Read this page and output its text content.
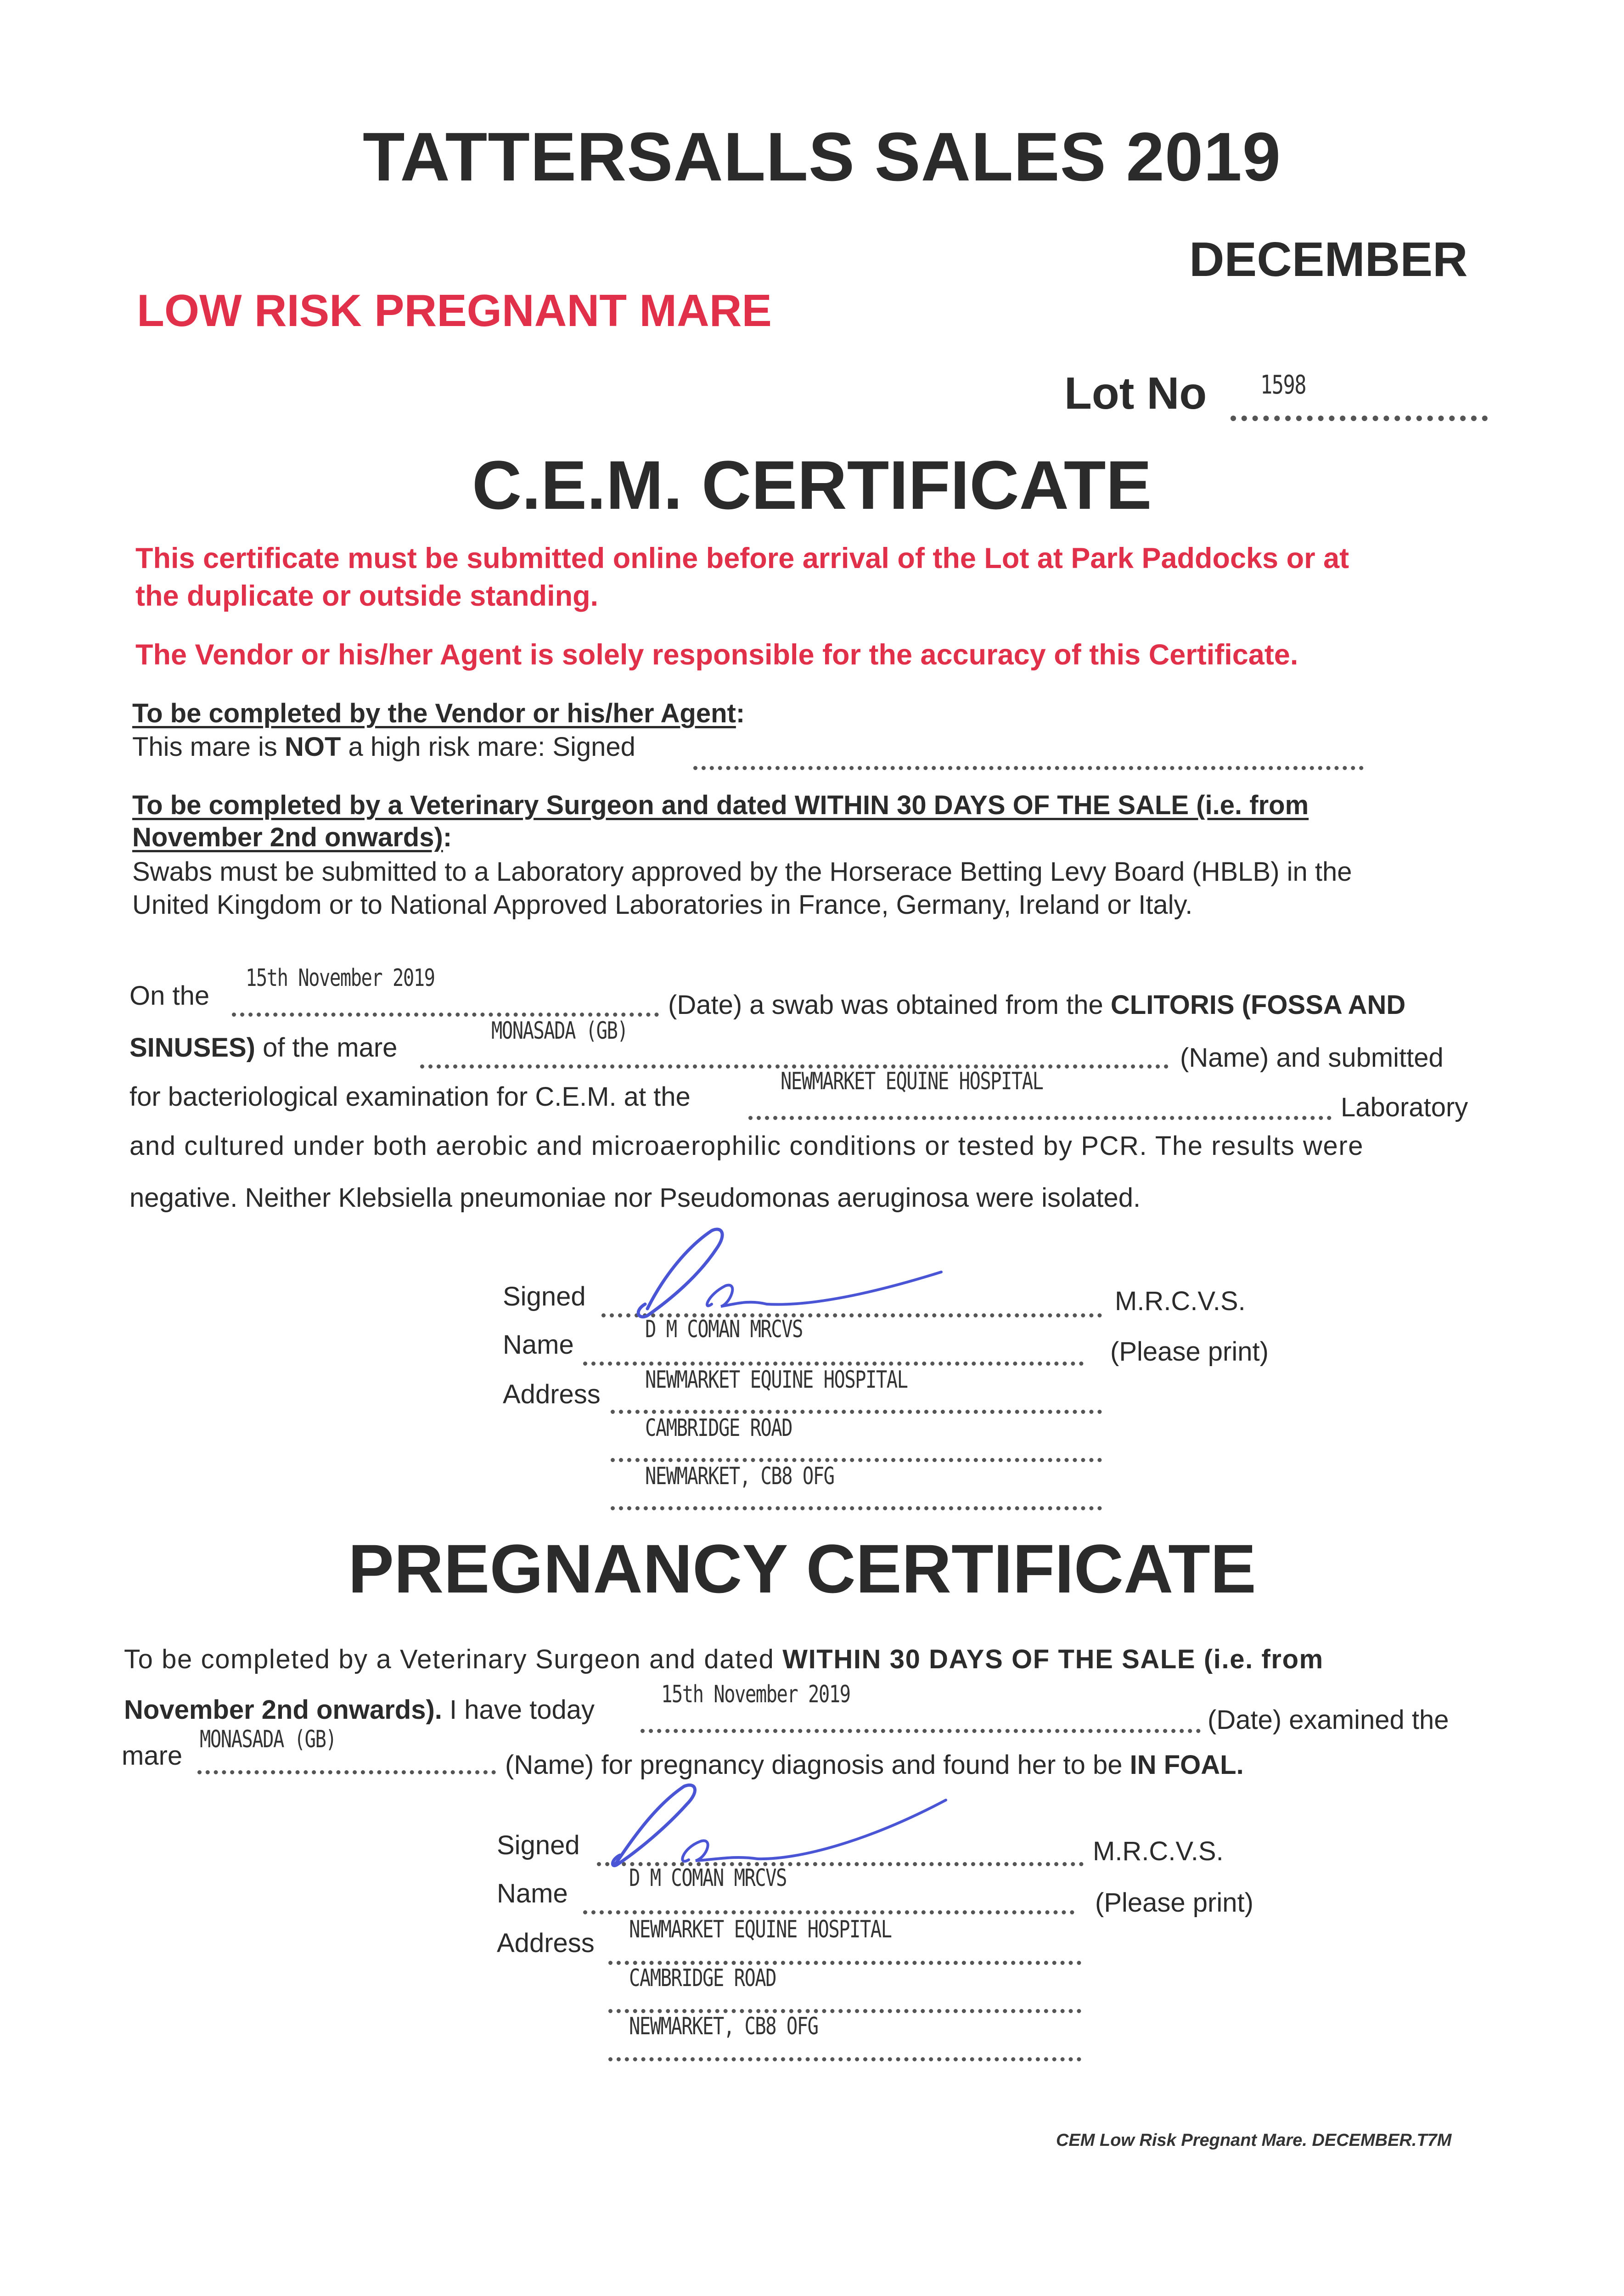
TATTERSALLS SALES 2019
DECEMBER
LOW RISK PREGNANT MARE
Lot No 1598
C.E.M. CERTIFICATE
This certificate must be submitted online before arrival of the Lot at Park Paddocks or at
the duplicate or outside standing.
The Vendor or his/her Agent is solely responsible for the accuracy of this Certificate.
To be completed by the Vendor or his/her Agent:
This mare is NOT a high risk mare: Signed
To be completed by a Veterinary Surgeon and dated WITHIN 30 DAYS OF THE SALE (i.e. from
November 2nd onwards):
Swabs must be submitted to a Laboratory approved by the Horserace Betting Levy Board (HBLB) in the
United Kingdom or to National Approved Laboratories in France, Germany, Ireland or Italy.
On the
15th November 2019
(Date) a swab was obtained from the CLITORIS (FOSSA AND
SINUSES) of the mare
MONASADA (GB)
(Name) and submitted
for bacteriological examination for C.E.M. at the
NEWMARKET EQUINE HOSPITAL
Laboratory
and cultured under both aerobic and microaerophilic conditions or tested by PCR. The results were
negative. Neither Klebsiella pneumoniae nor Pseudomonas aeruginosa were isolated.
Signed	M.R.C.V.S.
Name
D M COMAN MRCVS
(Please print)
Address NEWMARKET EQUINE HOSPITAL
CAMBRIDGE ROAD
NEWMARKET, CB8 OFG
PREGNANCY CERTIFICATE
To be completed by a Veterinary Surgeon and dated WITHIN 30 DAYS OF THE SALE (i.e. from
November 2nd onwards). I have today
15th November 2019
(Date) examined the
mare
MONASADA (GB)
(Name) for pregnancy diagnosis and found her to be IN FOAL.
Signed	M.R.C.V.S.
Name
D M COMAN MRCVS
(Please print)
Address NEWMARKET EQUINE HOSPITAL
CAMBRIDGE ROAD
NEWMARKET, CB8 OFG
CEM Low Risk Pregnant Mare. DECEMBER.T7M
